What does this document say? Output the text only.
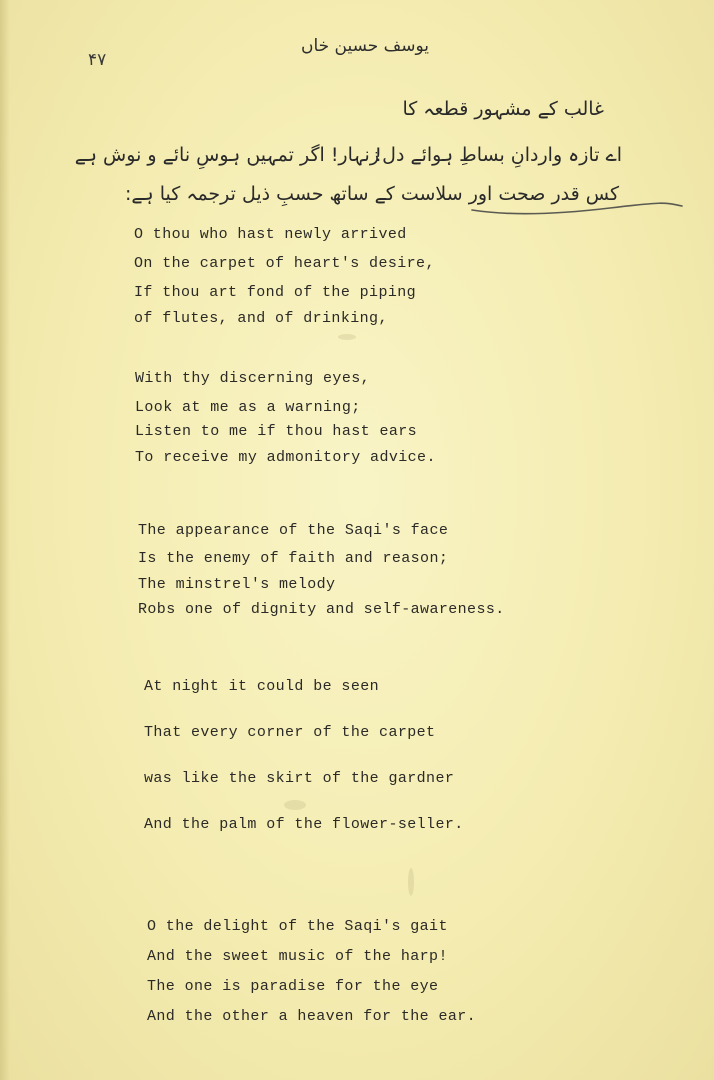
۴۷
یوسف حسین خاں
غالب کے مشہور قطعہ کا
اے تازہ واردانِ بساطِ ہوائے دل!
زنہار! اگر تمہیں ہوسِ نائے و نوش ہے
کس قدر صحت اور سلاست کے ساتھ حسبِ ذیل ترجمہ کیا ہے:
O thou who hast newly arrived
On the carpet of heart's desire,
If thou art fond of the piping
of flutes, and of drinking,
With thy discerning eyes,
Look at me as a warning;
Listen to me if thou hast ears
To receive my admonitory advice.
The appearance of the Saqi's face
Is the enemy of faith and reason;
The minstrel's melody
Robs one of dignity and self-awareness.
At night it could be seen
That every corner of the carpet
was like the skirt of the gardner
And the palm of the flower-seller.
O the delight of the Saqi's gait
And the sweet music of the harp!
The one is paradise for the eye
And the other a heaven for the ear.
